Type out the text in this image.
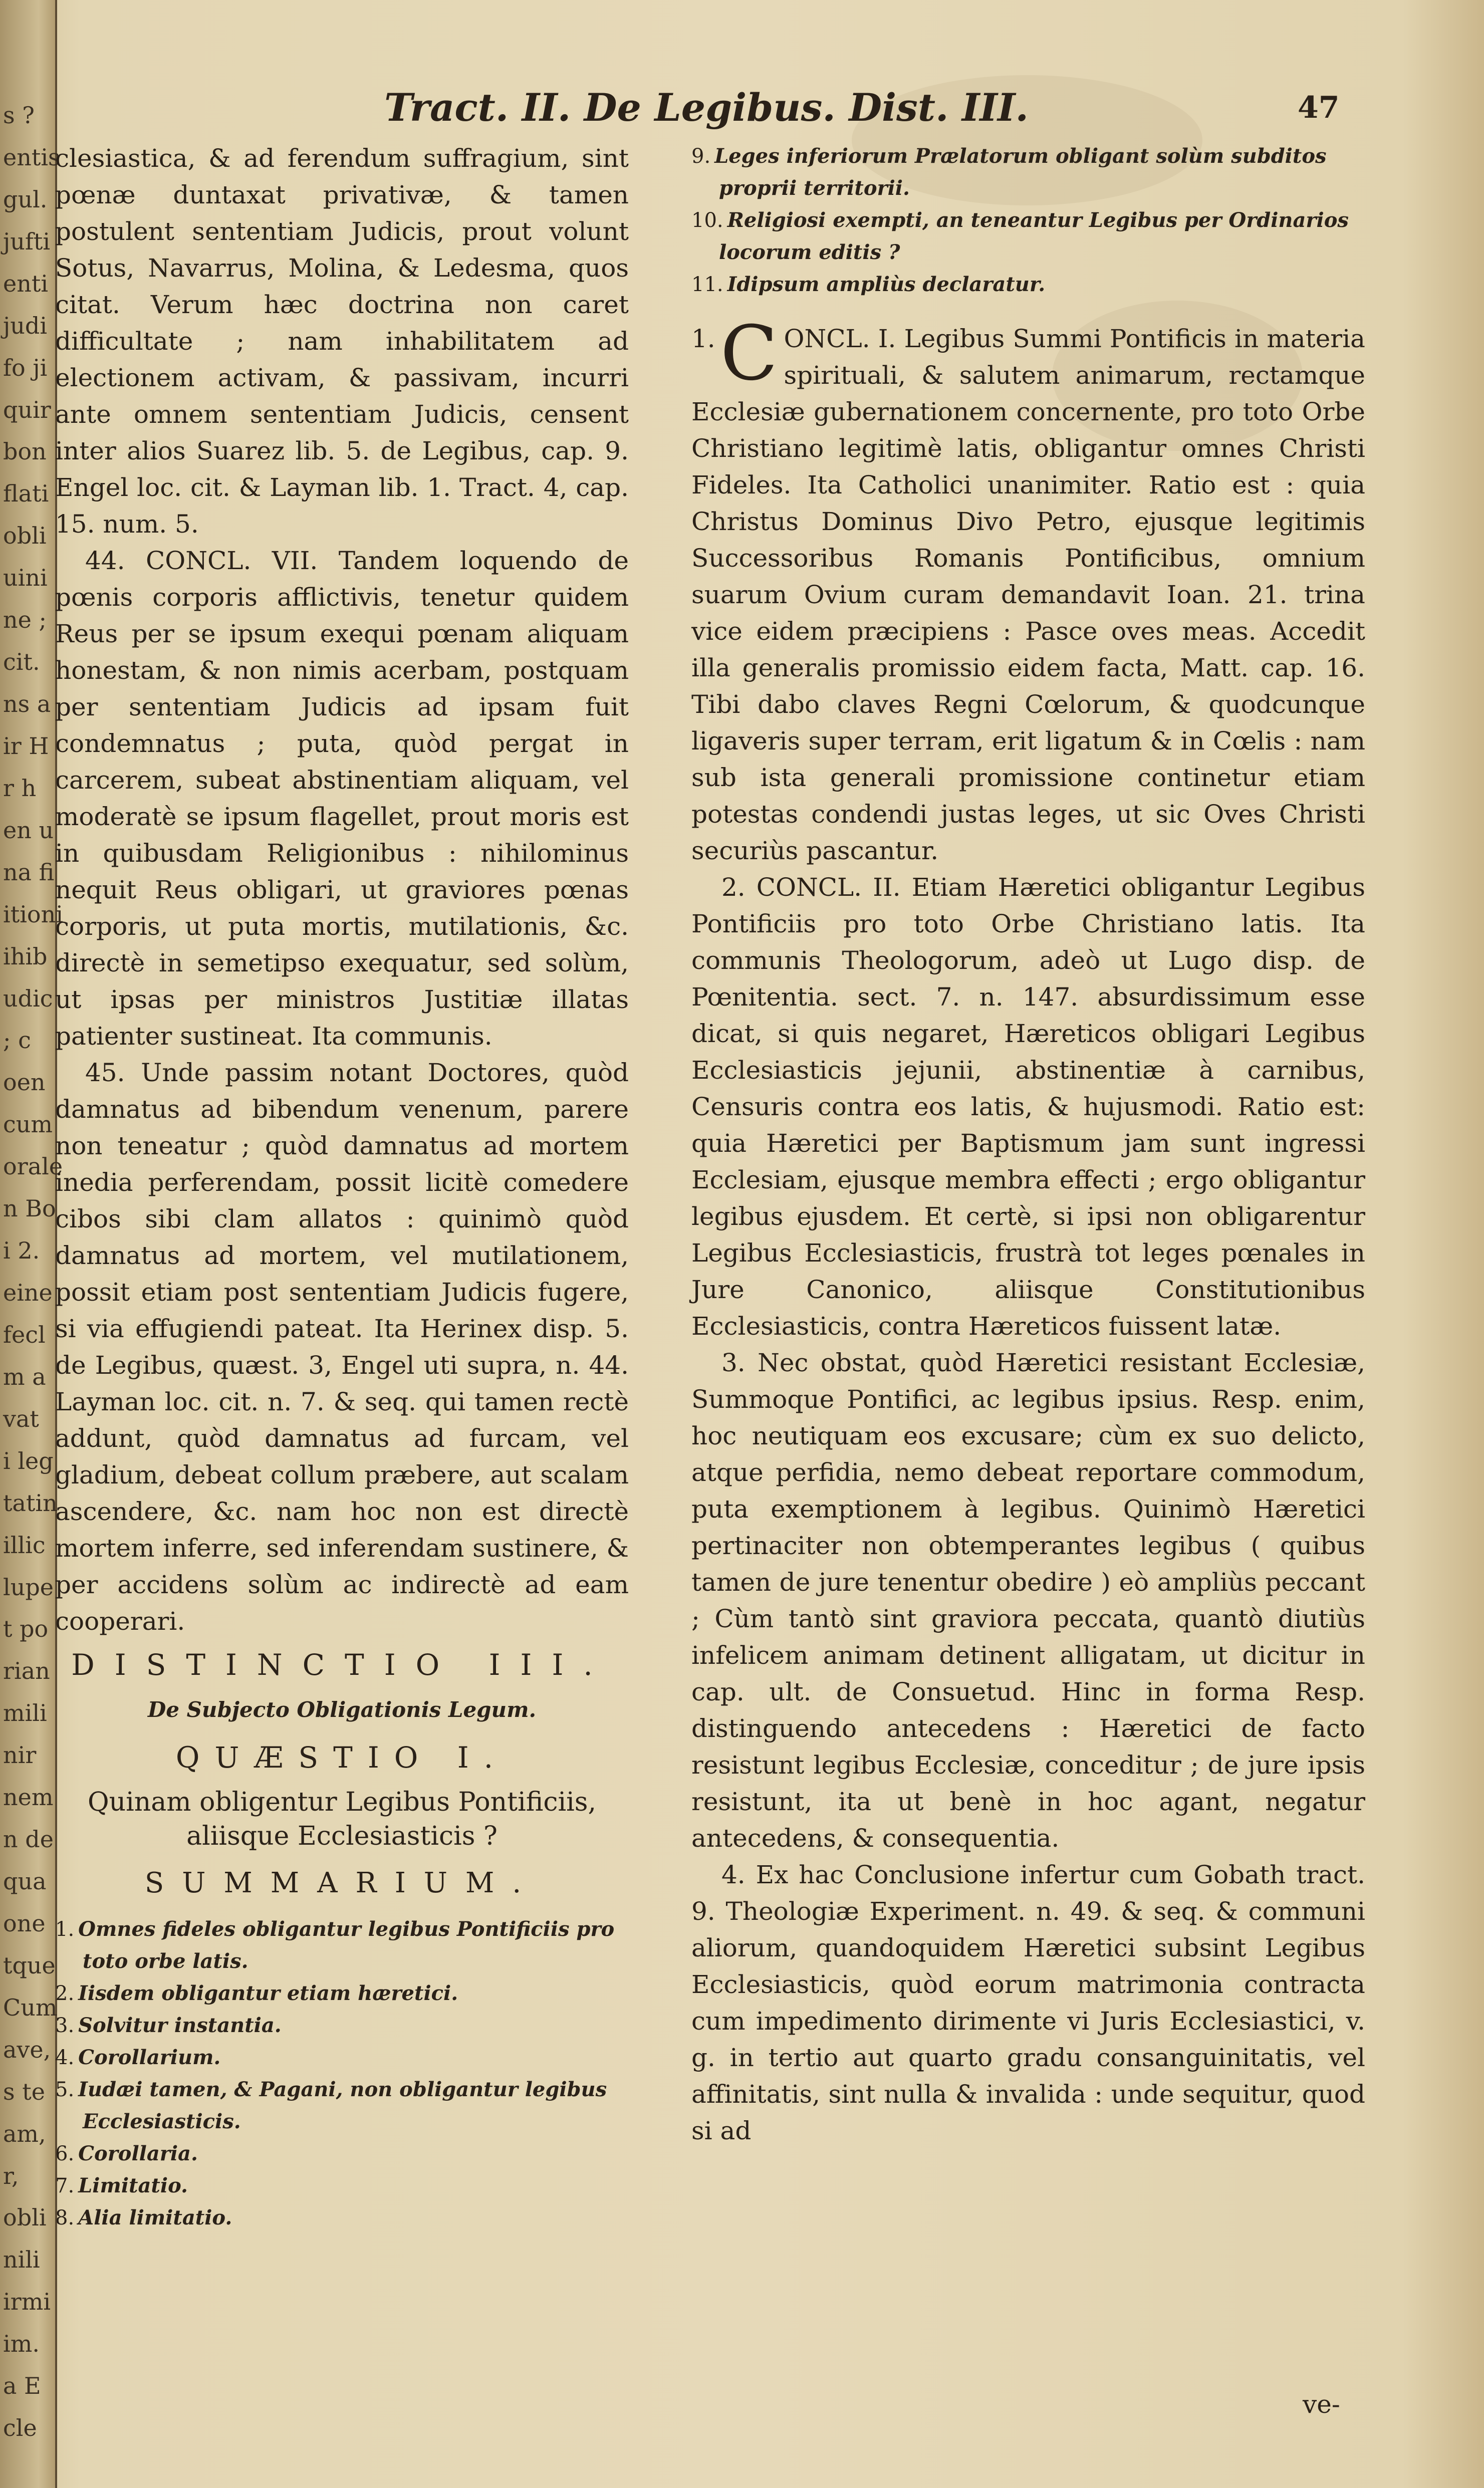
s ?
entis
gul.
jufti
enti
judi
fo ji
quir
bon
flati
obli
uini
ne ;
cit.
ns a
ir H
r h
en u
na fi
itioni
ihib
udic
; c
oen
cum
orale
n Bo
i 2.
eine
fecl
m a
vat
i leg
tatin
illic
lupe
t po
rian
mili
nir
nem
n de
qua
one
tque
Cum
ave,
s te
am,
r,
obli
nili
irmi
im.
a E
cle
Tract. II. De Legibus. Dist. III.	47

clesiastica, & ad ferendum suffragium, sint pœnæ duntaxat privativæ, & tamen postulent sententiam Judicis, prout volunt Sotus, Navarrus, Molina, & Ledesma, quos citat. Verum hæc doctrina non caret difficultate ; nam inhabilitatem ad electionem activam, & passivam, incurri ante omnem sententiam Judicis, censent inter alios Suarez lib. 5. de Legibus, cap. 9. Engel loc. cit. & Layman lib. 1. Tract. 4, cap. 15. num. 5.

44. CONCL. VII. Tandem loquendo de pœnis corporis afflictivis, tenetur quidem Reus per se ipsum exequi pœnam aliquam honestam, & non nimis acerbam, postquam per sententiam Judicis ad ipsam fuit condemnatus ; puta, quòd pergat in carcerem, subeat abstinentiam aliquam, vel moderatè se ipsum flagellet, prout moris est in quibusdam Religionibus : nihilominus nequit Reus obligari, ut graviores pœnas corporis, ut puta mortis, mutilationis, &c. directè in semetipso exequatur, sed solùm, ut ipsas per ministros Justitiæ illatas patienter sustineat. Ita communis.

45. Unde passim notant Doctores, quòd damnatus ad bibendum venenum, parere non teneatur ; quòd damnatus ad mortem inedia perferendam, possit licitè comedere cibos sibi clam allatos : quinimò quòd damnatus ad mortem, vel mutilationem, possit etiam post sententiam Judicis fugere, si via effugiendi pateat. Ita Herinex disp. 5. de Legibus, quæst. 3, Engel uti supra, n. 44. Layman loc. cit. n. 7. & seq. qui tamen rectè addunt, quòd damnatus ad furcam, vel gladium, debeat collum præbere, aut scalam ascendere, &c. nam hoc non est directè mortem inferre, sed inferendam sustinere, & per accidens solùm ac indirectè ad eam cooperari.

DISTINCTIO III.

De Subjecto Obligationis Legum.

QUÆSTIO I.

Quinam obligentur Legibus Pontificiis, aliisque Ecclesiasticis ?

SUMMARIUM.

1. Omnes fideles obligantur legibus Pontificiis pro toto orbe latis.

2. Iisdem obligantur etiam hæretici.

3. Solvitur instantia.

4. Corollarium.

5. Iudæi tamen, & Pagani, non obligantur legibus Ecclesiasticis.

6. Corollaria.

7. Limitatio.

8. Alia limitatio.

9. Leges inferiorum Prælatorum obligant solùm subditos proprii territorii.

10. Religiosi exempti, an teneantur Legibus per Ordinarios locorum editis ?

11. Idipsum ampliùs declaratur.

1. C ONCL. I. Legibus Summi Pontificis in materia spirituali, & salutem animarum, rectamque Ecclesiæ gubernationem concernente, pro toto Orbe Christiano legitimè latis, obligantur omnes Christi Fideles. Ita Catholici unanimiter. Ratio est : quia Christus Dominus Divo Petro, ejusque legitimis Successoribus Romanis Pontificibus, omnium suarum Ovium curam demandavit Ioan. 21. trina vice eidem præcipiens : Pasce oves meas. Accedit illa generalis promissio eidem facta, Matt. cap. 16. Tibi dabo claves Regni Cœlorum, & quodcunque ligaveris super terram, erit ligatum & in Cœlis : nam sub ista generali promissione continetur etiam potestas condendi justas leges, ut sic Oves Christi securiùs pascantur.

2. CONCL. II. Etiam Hæretici obligantur Legibus Pontificiis pro toto Orbe Christiano latis. Ita communis Theologorum, adeò ut Lugo disp. de Pœnitentia. sect. 7. n. 147. absurdissimum esse dicat, si quis negaret, Hæreticos obligari Legibus Ecclesiasticis jejunii, abstinentiæ à carnibus, Censuris contra eos latis, & hujusmodi. Ratio est: quia Hæretici per Baptismum jam sunt ingressi Ecclesiam, ejusque membra effecti ; ergo obligantur legibus ejusdem. Et certè, si ipsi non obligarentur Legibus Ecclesiasticis, frustrà tot leges pœnales in Jure Canonico, aliisque Constitutionibus Ecclesiasticis, contra Hæreticos fuissent latæ.

3. Nec obstat, quòd Hæretici resistant Ecclesiæ, Summoque Pontifici, ac legibus ipsius. Resp. enim, hoc neutiquam eos excusare; cùm ex suo delicto, atque perfidia, nemo debeat reportare commodum, puta exemptionem à legibus. Quinimò Hæretici pertinaciter non obtemperantes legibus ( quibus tamen de jure tenentur obedire ) eò ampliùs peccant ; Cùm tantò sint graviora peccata, quantò diutiùs infelicem animam detinent alligatam, ut dicitur in cap. ult. de Consuetud. Hinc in forma Resp. distinguendo antecedens : Hæretici de facto resistunt legibus Ecclesiæ, conceditur ; de jure ipsis resistunt, ita ut benè in hoc agant, negatur antecedens, & consequentia.

4. Ex hac Conclusione infertur cum Gobath tract. 9. Theologiæ Experiment. n. 49. & seq. & communi aliorum, quandoquidem Hæretici subsint Legibus Ecclesiasticis, quòd eorum matrimonia contracta cum impedimento dirimente vi Juris Ecclesiastici, v. g. in tertio aut quarto gradu consanguinitatis, vel affinitatis, sint nulla & invalida : unde sequitur, quod si ad

ve-
